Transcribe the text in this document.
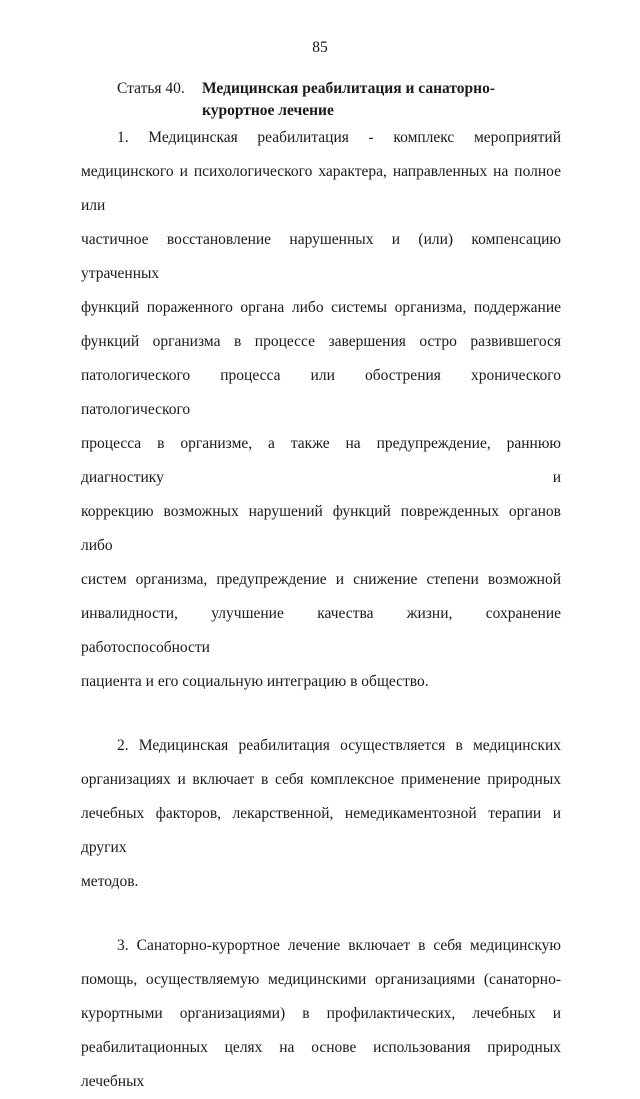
85
Статья 40. Медицинская реабилитация и санаторно-курортное лечение

1. Медицинская реабилитация - комплекс мероприятий
медицинского и психологического характера, направленных на полное или
частичное восстановление нарушенных и (или) компенсацию утраченных
функций пораженного органа либо системы организма, поддержание
функций организма в процессе завершения остро развившегося
патологического процесса или обострения хронического патологического
процесса в организме, а также на предупреждение, раннюю диагностику и
коррекцию возможных нарушений функций поврежденных органов либо
систем организма, предупреждение и снижение степени возможной
инвалидности, улучшение качества жизни, сохранение работоспособности
пациента и его социальную интеграцию в общество.

2. Медицинская реабилитация осуществляется в медицинских
организациях и включает в себя комплексное применение природных
лечебных факторов, лекарственной, немедикаментозной терапии и других
методов.

3. Санаторно-курортное лечение включает в себя медицинскую
помощь, осуществляемую медицинскими организациями (санаторно-
курортными организациями) в профилактических, лечебных и
реабилитационных целях на основе использования природных лечебных
